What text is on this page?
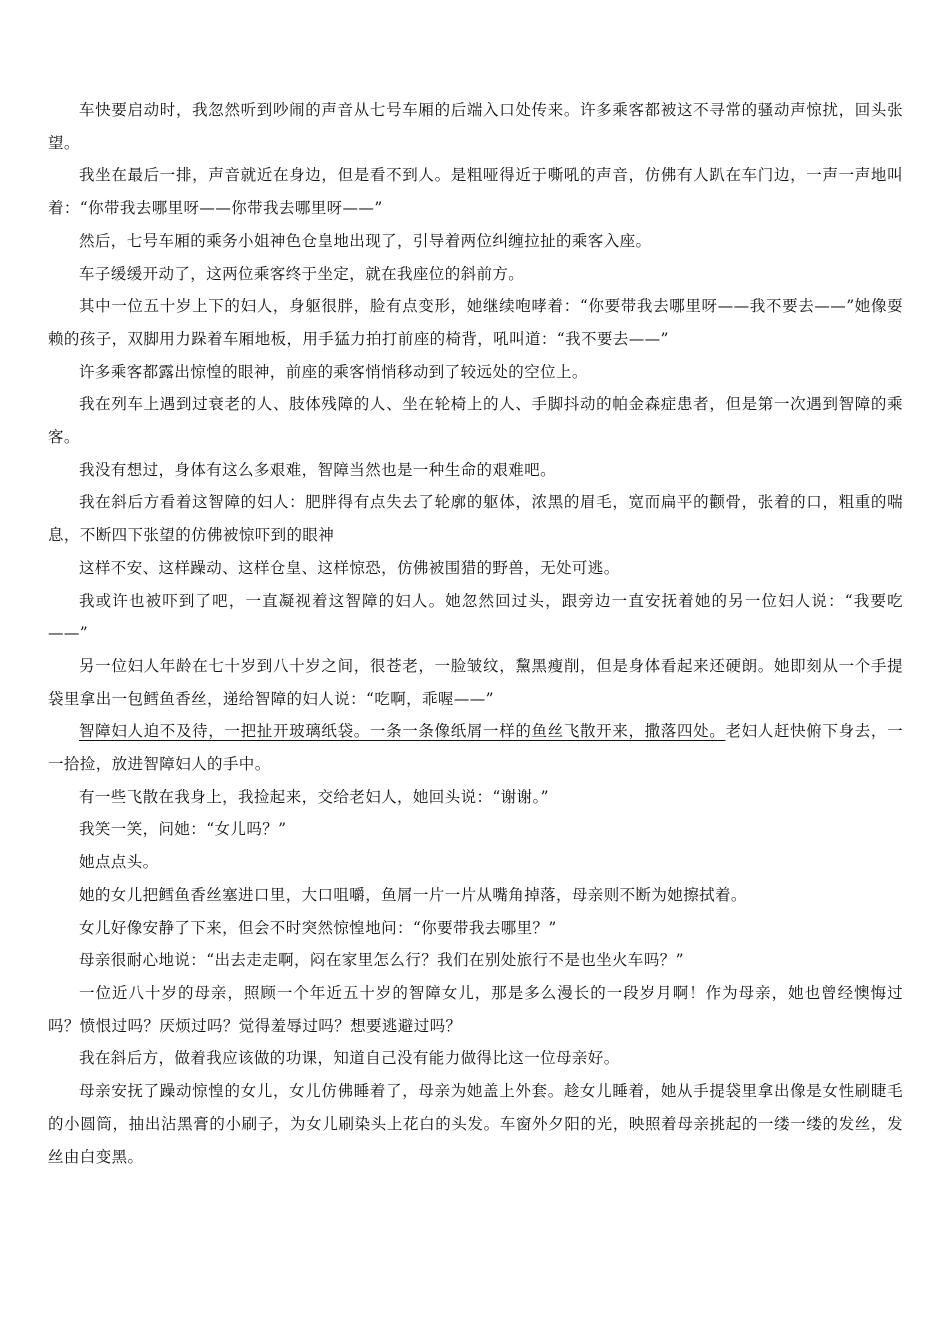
车快要启动时，我忽然听到吵闹的声音从七号车厢的后端入口处传来。许多乘客都被这不寻常的骚动声惊扰，回头张望。

我坐在最后一排，声音就近在身边，但是看不到人。是粗哑得近于嘶吼的声音，仿佛有人趴在车门边，一声一声地叫着：“你带我去哪里呀——你带我去哪里呀——”

然后，七号车厢的乘务小姐神色仓皇地出现了，引导着两位纠缠拉扯的乘客入座。

车子缓缓开动了，这两位乘客终于坐定，就在我座位的斜前方。

其中一位五十岁上下的妇人，身躯很胖，脸有点变形，她继续咆哮着：“你要带我去哪里呀——我不要去——”她像耍赖的孩子，双脚用力跺着车厢地板，用手猛力拍打前座的椅背，吼叫道：“我不要去——”

许多乘客都露出惊惶的眼神，前座的乘客悄悄移动到了较远处的空位上。

我在列车上遇到过衰老的人、肢体残障的人、坐在轮椅上的人、手脚抖动的帕金森症患者，但是第一次遇到智障的乘客。

我没有想过，身体有这么多艰难，智障当然也是一种生命的艰难吧。

我在斜后方看着这智障的妇人：肥胖得有点失去了轮廓的躯体，浓黑的眉毛，宽而扁平的颧骨，张着的口，粗重的喘息，不断四下张望的仿佛被惊吓到的眼神

这样不安、这样躁动、这样仓皇、这样惊恐，仿佛被围猎的野兽，无处可逃。

我或许也被吓到了吧，一直凝视着这智障的妇人。她忽然回过头，跟旁边一直安抚着她的另一位妇人说：“我要吃——”

另一位妇人年龄在七十岁到八十岁之间，很苍老，一脸皱纹，黧黑瘦削，但是身体看起来还硬朗。她即刻从一个手提袋里拿出一包鳕鱼香丝，递给智障的妇人说：“吃啊，乖喔——”

智障妇人迫不及待，一把扯开玻璃纸袋。一条一条像纸屑一样的鱼丝飞散开来，撒落四处。老妇人赶快俯下身去，一一拾捡，放进智障妇人的手中。

有一些飞散在我身上，我捡起来，交给老妇人，她回头说：“谢谢。”

我笑一笑，问她：“女儿吗？”

她点点头。

她的女儿把鳕鱼香丝塞进口里，大口咀嚼，鱼屑一片一片从嘴角掉落，母亲则不断为她擦拭着。

女儿好像安静了下来，但会不时突然惊惶地问：“你要带我去哪里？”

母亲很耐心地说：“出去走走啊，闷在家里怎么行？我们在别处旅行不是也坐火车吗？”

一位近八十岁的母亲，照顾一个年近五十岁的智障女儿，那是多么漫长的一段岁月啊！作为母亲，她也曾经懊悔过吗？愤恨过吗？厌烦过吗？觉得羞辱过吗？想要逃避过吗？

我在斜后方，做着我应该做的功课，知道自己没有能力做得比这一位母亲好。

母亲安抚了躁动惊惶的女儿，女儿仿佛睡着了，母亲为她盖上外套。趁女儿睡着，她从手提袋里拿出像是女性刷睫毛的小圆筒，抽出沾黑膏的小刷子，为女儿刷染头上花白的头发。车窗外夕阳的光，映照着母亲挑起的一缕一缕的发丝，发丝由白变黑。
